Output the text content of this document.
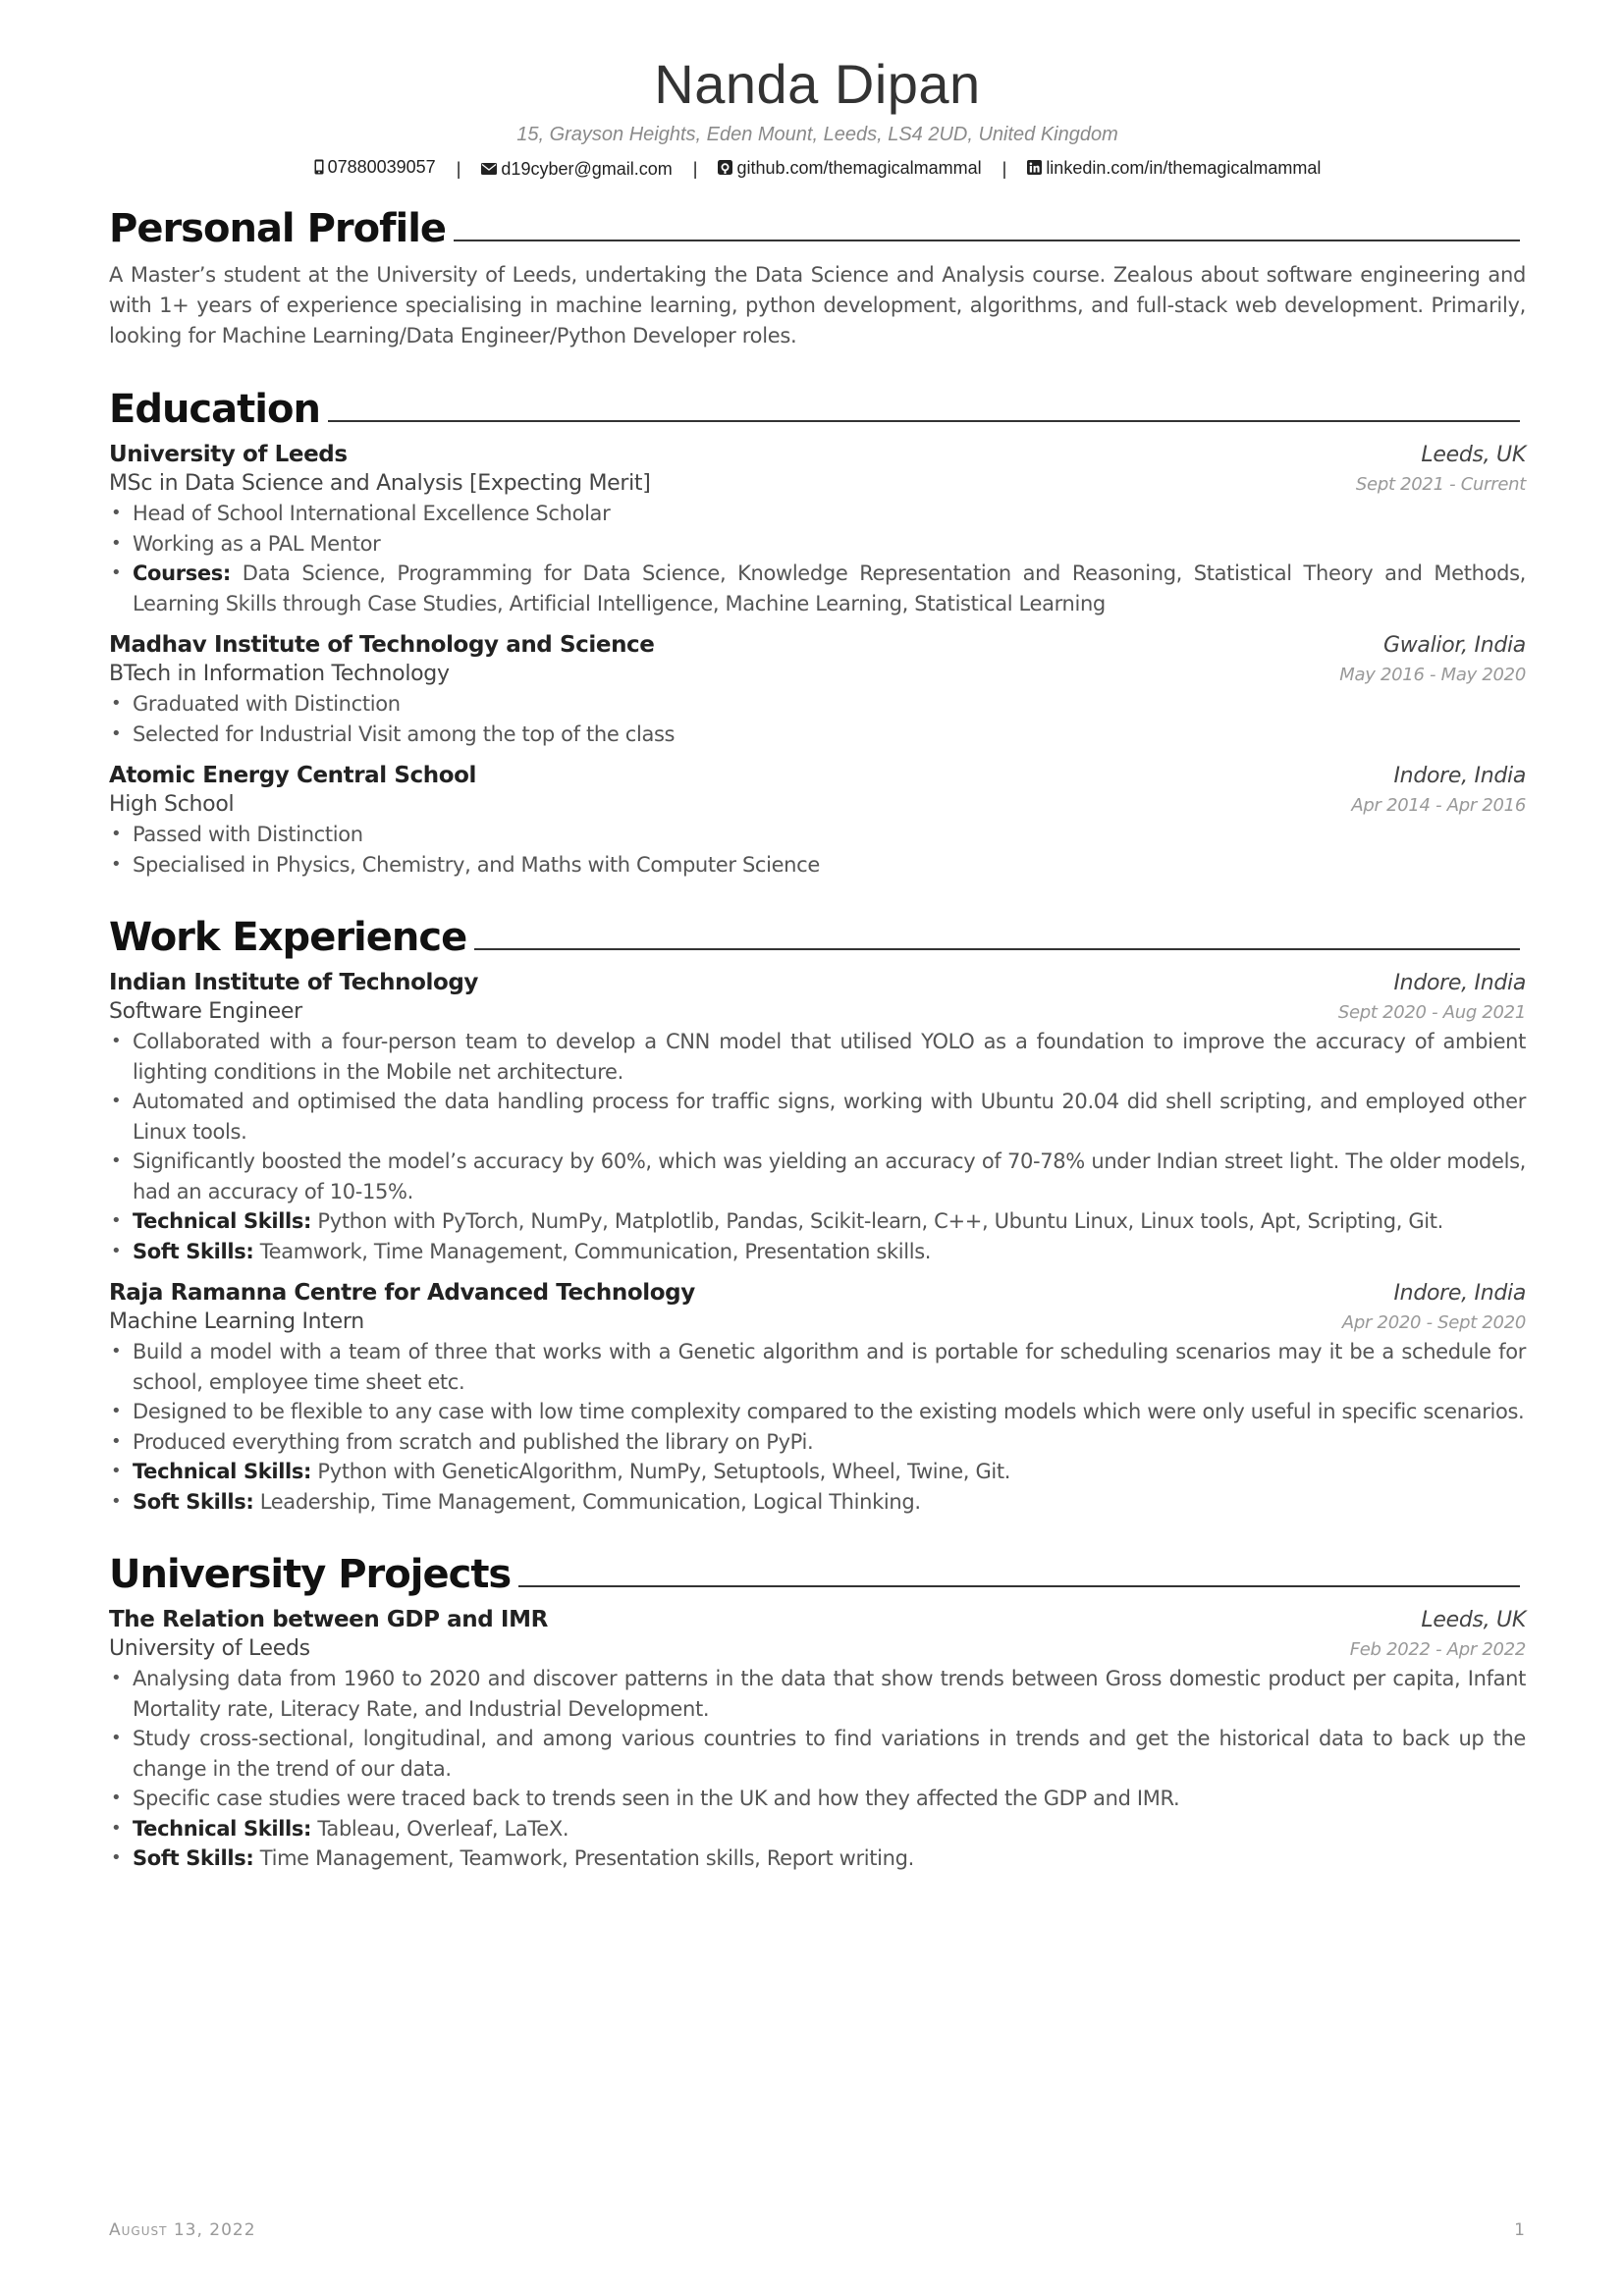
Nanda Dipan
15, Grayson Heights, Eden Mount, Leeds, LS4 2UD, United Kingdom
07880039057 | d19cyber@gmail.com | github.com/themagicalmammal | linkedin.com/in/themagicalmammal
Personal Profile
A Master’s student at the University of Leeds, undertaking the Data Science and Analysis course. Zealous about software engineering and with 1+ years of experience specialising in machine learning, python development, algorithms, and full-stack web development. Primarily, looking for Machine Learning/Data Engineer/Python Developer roles.
Education
University of Leeds	Leeds, UK
MSc in Data Science and Analysis [Expecting Merit]	Sept 2021 - Current
• Head of School International Excellence Scholar
• Working as a PAL Mentor
• Courses: Data Science, Programming for Data Science, Knowledge Representation and Reasoning, Statistical Theory and Methods, Learning Skills through Case Studies, Artificial Intelligence, Machine Learning, Statistical Learning
Madhav Institute of Technology and Science	Gwalior, India
BTech in Information Technology	May 2016 - May 2020
• Graduated with Distinction
• Selected for Industrial Visit among the top of the class
Atomic Energy Central School	Indore, India
High School	Apr 2014 - Apr 2016
• Passed with Distinction
• Specialised in Physics, Chemistry, and Maths with Computer Science
Work Experience
Indian Institute of Technology	Indore, India
Software Engineer	Sept 2020 - Aug 2021
• Collaborated with a four-person team to develop a CNN model that utilised YOLO as a foundation to improve the accuracy of ambient lighting conditions in the Mobile net architecture.
• Automated and optimised the data handling process for traffic signs, working with Ubuntu 20.04 did shell scripting, and employed other Linux tools.
• Significantly boosted the model’s accuracy by 60%, which was yielding an accuracy of 70-78% under Indian street light. The older models, had an accuracy of 10-15%.
• Technical Skills: Python with PyTorch, NumPy, Matplotlib, Pandas, Scikit-learn, C++, Ubuntu Linux, Linux tools, Apt, Scripting, Git.
• Soft Skills: Teamwork, Time Management, Communication, Presentation skills.
Raja Ramanna Centre for Advanced Technology	Indore, India
Machine Learning Intern	Apr 2020 - Sept 2020
• Build a model with a team of three that works with a Genetic algorithm and is portable for scheduling scenarios may it be a schedule for school, employee time sheet etc.
• Designed to be flexible to any case with low time complexity compared to the existing models which were only useful in specific scenarios.
• Produced everything from scratch and published the library on PyPi.
• Technical Skills: Python with GeneticAlgorithm, NumPy, Setuptools, Wheel, Twine, Git.
• Soft Skills: Leadership, Time Management, Communication, Logical Thinking.
University Projects
The Relation between GDP and IMR	Leeds, UK
University of Leeds	Feb 2022 - Apr 2022
• Analysing data from 1960 to 2020 and discover patterns in the data that show trends between Gross domestic product per capita, Infant Mortality rate, Literacy Rate, and Industrial Development.
• Study cross-sectional, longitudinal, and among various countries to find variations in trends and get the historical data to back up the change in the trend of our data.
• Specific case studies were traced back to trends seen in the UK and how they affected the GDP and IMR.
• Technical Skills: Tableau, Overleaf, LaTeX.
• Soft Skills: Time Management, Teamwork, Presentation skills, Report writing.
August 13, 2022	1
